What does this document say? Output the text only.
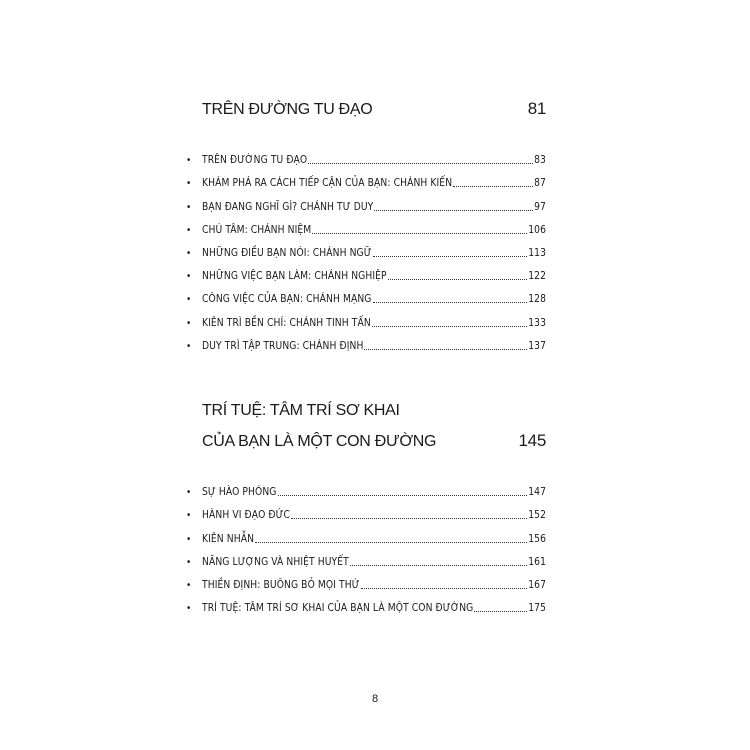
TRÊN ĐƯỜNG TU ĐẠO	81
•	TRÊN ĐƯỜNG TU ĐẠO	83
•	KHÁM PHÁ RA CÁCH TIẾP CẬN CỦA BẠN: CHÁNH KIẾN	87
•	BẠN ĐANG NGHĨ GÌ? CHÁNH TƯ DUY	97
•	CHÚ TÂM: CHÁNH NIỆM	106
•	NHỮNG ĐIỀU BẠN NÓI: CHÁNH NGỮ	113
•	NHỮNG VIỆC BẠN LÀM: CHÁNH NGHIỆP	122
•	CÔNG VIỆC CỦA BẠN: CHÁNH MẠNG	128
•	KIÊN TRÌ BỀN CHÍ: CHÁNH TINH TẤN	133
•	DUY TRÌ TẬP TRUNG: CHÁNH ĐỊNH	137
TRÍ TUỆ: TÂM TRÍ SƠ KHAI
CỦA BẠN LÀ MỘT CON ĐƯỜNG	145
•	SỰ HÀO PHÓNG	147
•	HÀNH VI ĐẠO ĐỨC	152
•	KIÊN NHẪN	156
•	NĂNG LƯỢNG VÀ NHIỆT HUYẾT	161
•	THIỀN ĐỊNH: BUÔNG BỎ MỌI THỨ	167
•	TRÍ TUỆ: TÂM TRÍ SƠ KHAI CỦA BẠN LÀ MỘT CON ĐƯỜNG	175
8
